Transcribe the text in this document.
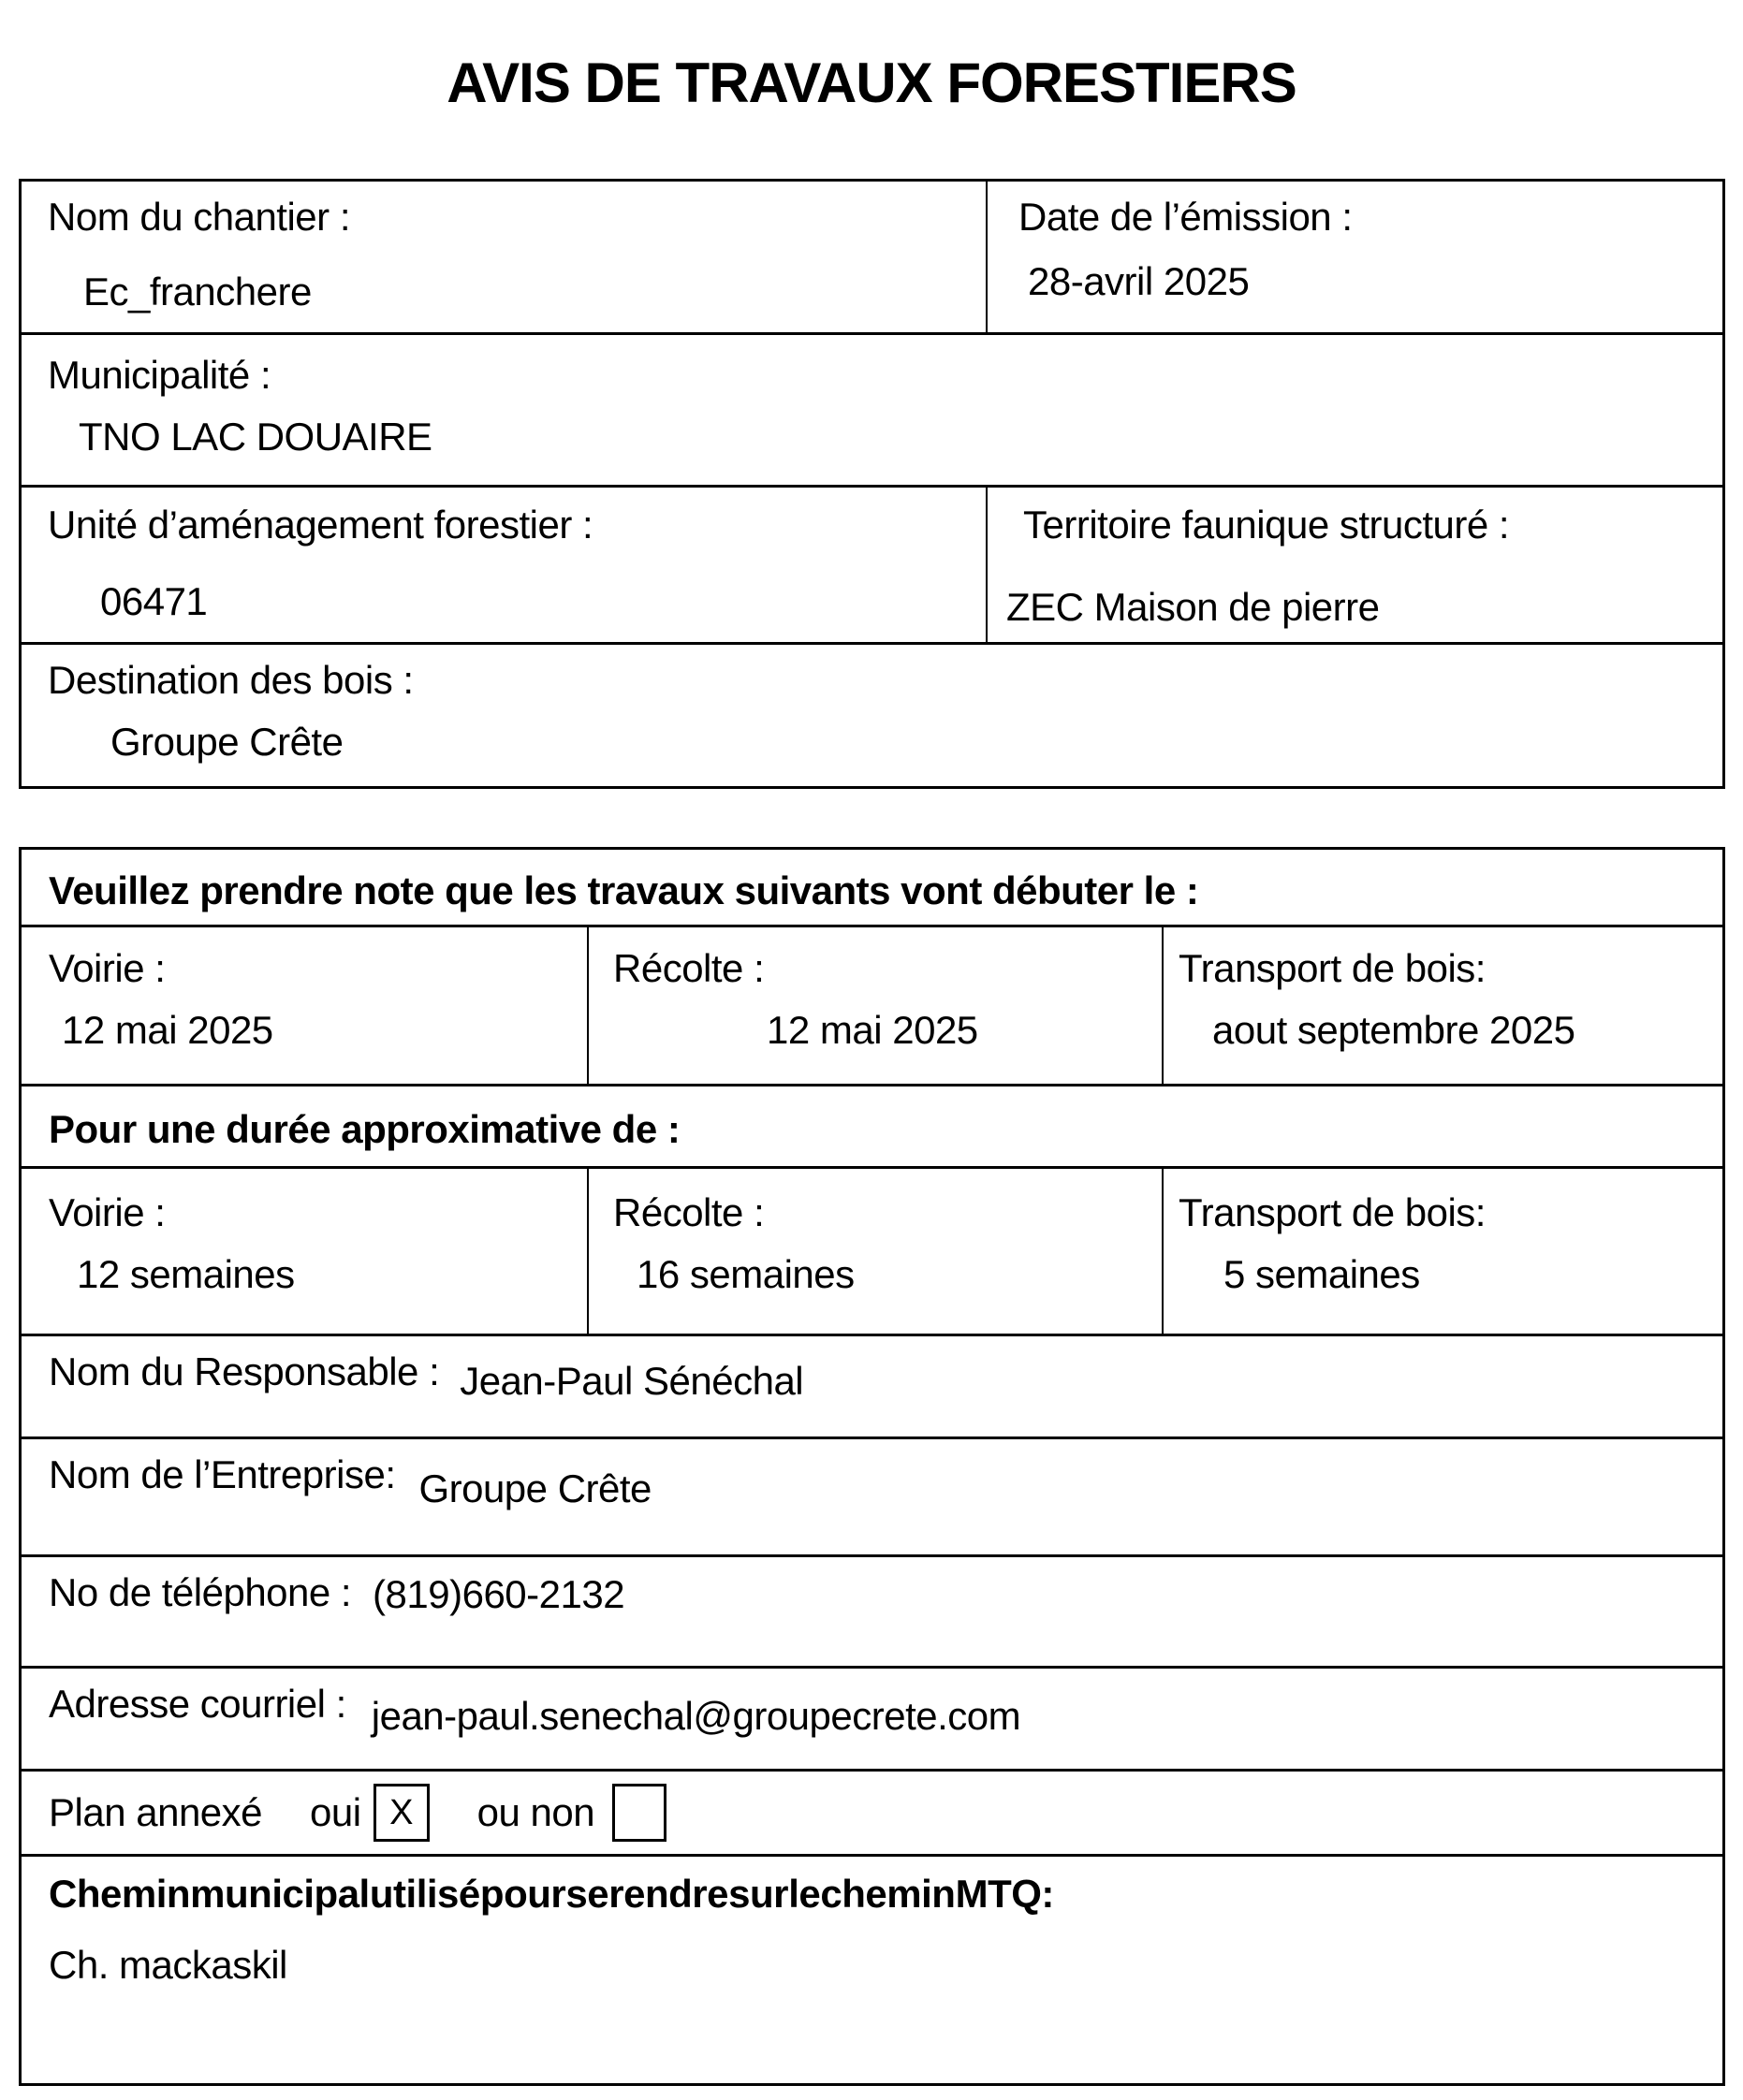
AVIS DE TRAVAUX FORESTIERS
Nom du chantier :
Ec_franchere
Date de l’émission :
28-avril 2025
Municipalité :
TNO LAC DOUAIRE
Unité d’aménagement forestier :
06471
Territoire faunique structuré :
ZEC Maison de pierre
Destination des bois :
Groupe Crête
Veuillez prendre note que les travaux suivants vont débuter le :
Voirie :
12 mai 2025
Récolte :
12 mai 2025
Transport de bois:
aout septembre 2025
Pour une durée approximative de :
Voirie :
12 semaines
Récolte :
16 semaines
Transport de bois:
5 semaines
Nom du Responsable : Jean-Paul Sénéchal
Nom de l’Entreprise: Groupe Crête
No de téléphone : (819)660-2132
Adresse courriel : jean-paul.senechal@groupecrete.com
Plan annexé oui X	ou non
Chemin municipal utilisé pour se rendre sur le chemin MTQ:
Ch. mackaskil
